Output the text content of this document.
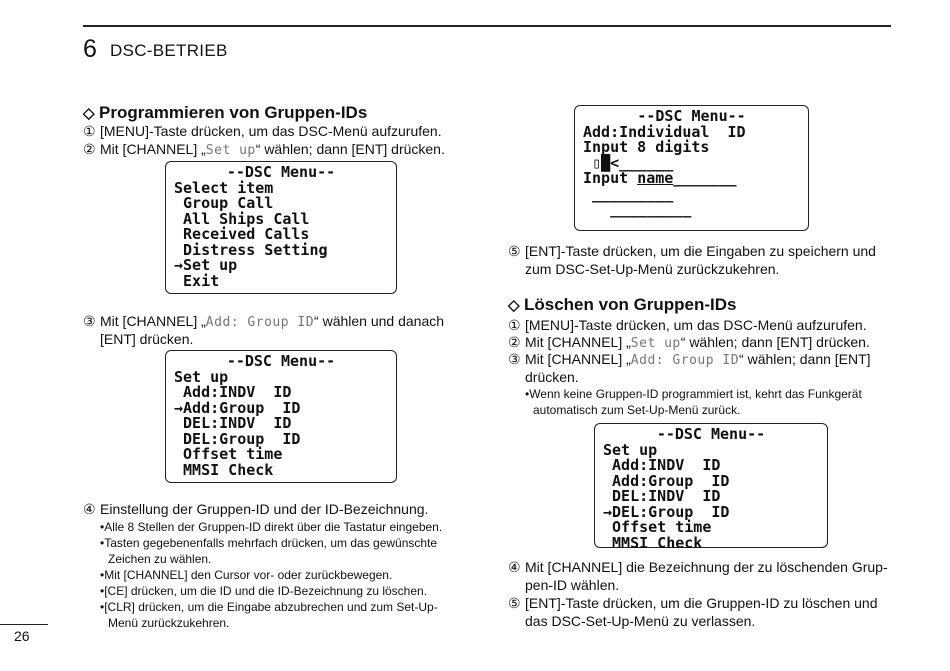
6 DSC-BETRIEB
◇ Programmieren von Gruppen-IDs
① [MENU]-Taste drücken, um das DSC-Menü aufzurufen.
② Mit [CHANNEL] „Set up“ wählen; dann [ENT] drücken.
--DSC Menu--
Select item
Group Call
All Ships Call
Received Calls
Distress Setting
→Set up
Exit
③ Mit [CHANNEL] „Add: Group ID“ wählen und danach
[ENT] drücken.
--DSC Menu--
Set up
Add:INDV  ID
→Add:Group  ID
DEL:INDV  ID
DEL:Group  ID
Offset time
MMSI Check
④ Einstellung der Gruppen-ID und der ID-Bezeichnung.
•Alle 8 Stellen der Gruppen-ID direkt über die Tastatur eingeben.
•Tasten gegebenenfalls mehrfach drücken, um das gewünschte
Zeichen zu wählen.
•Mit [CHANNEL] den Cursor vor- oder zurückbewegen.
•[CE] drücken, um die ID und die ID-Bezeichnung zu löschen.
•[CLR] drücken, um die Eingabe abzubrechen und zum Set-Up-
Menü zurückzukehren.
26
--DSC Menu--
Add:Individual  ID
Input 8 digits
▯█<______
Input name_______
_________
_________
⑤ [ENT]-Taste drücken, um die Eingaben zu speichern und
zum DSC-Set-Up-Menü zurückzukehren.
◇ Löschen von Gruppen-IDs
① [MENU]-Taste drücken, um das DSC-Menü aufzurufen.
② Mit [CHANNEL] „Set up“ wählen; dann [ENT] drücken.
③ Mit [CHANNEL] „Add: Group ID“ wählen; dann [ENT]
drücken.
•Wenn keine Gruppen-ID programmiert ist, kehrt das Funkgerät
automatisch zum Set-Up-Menü zurück.
--DSC Menu--
Set up
Add:INDV  ID
Add:Group  ID
DEL:INDV  ID
→DEL:Group  ID
Offset time
MMSI Check
④ Mit [CHANNEL] die Bezeichnung der zu löschenden Grup-
pen-ID wählen.
⑤ [ENT]-Taste drücken, um die Gruppen-ID zu löschen und
das DSC-Set-Up-Menü zu verlassen.
